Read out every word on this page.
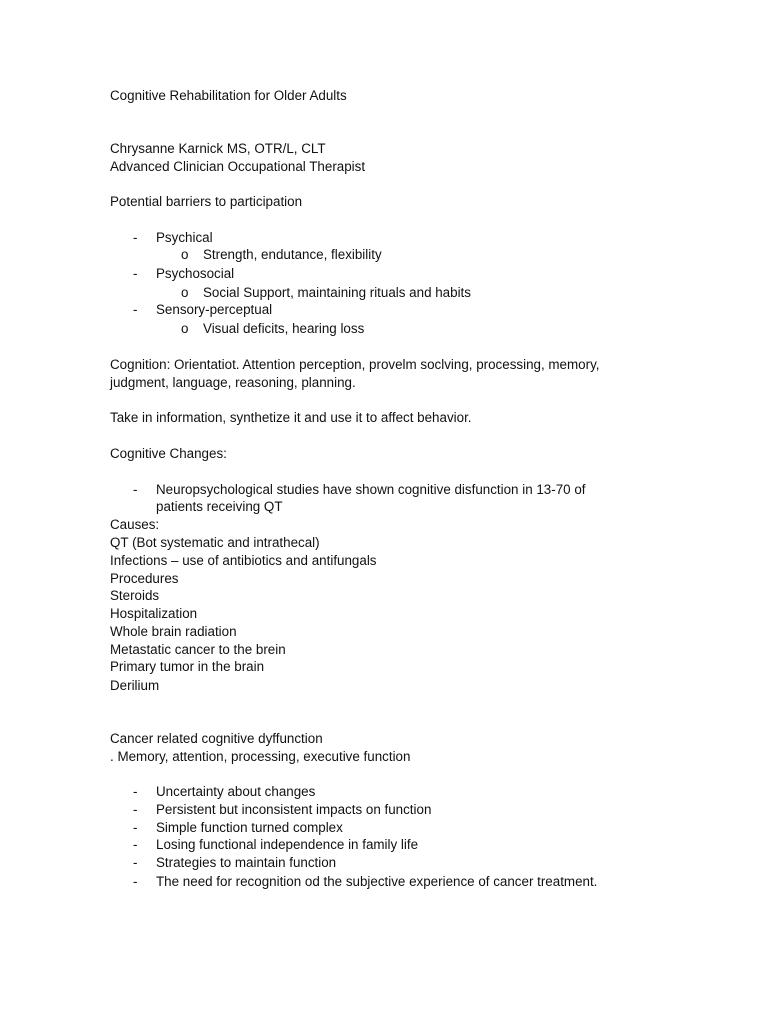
Cognitive Rehabilitation for Older Adults
Chrysanne Karnick MS, OTR/L, CLT
Advanced Clinician Occupational Therapist
Potential barriers to participation
- Psychical
o Strength, endutance, flexibility
- Psychosocial
o Social Support, maintaining rituals and habits
- Sensory-perceptual
o Visual deficits, hearing loss
Cognition: Orientatiot. Attention perception, provelm soclving, processing, memory,
judgment, language, reasoning, planning.
Take in information, synthetize it and use it to affect behavior.
Cognitive Changes:
- Neuropsychological studies have shown cognitive disfunction in 13-70 of
patients receiving QT
Causes:
QT (Bot systematic and intrathecal)
Infections – use of antibiotics and antifungals
Procedures
Steroids
Hospitalization
Whole brain radiation
Metastatic cancer to the brein
Primary tumor in the brain
Derilium
Cancer related cognitive dyffunction
. Memory, attention, processing, executive function
- Uncertainty about changes
- Persistent but inconsistent impacts on function
- Simple function turned complex
- Losing functional independence in family life
- Strategies to maintain function
- The need for recognition od the subjective experience of cancer treatment.
